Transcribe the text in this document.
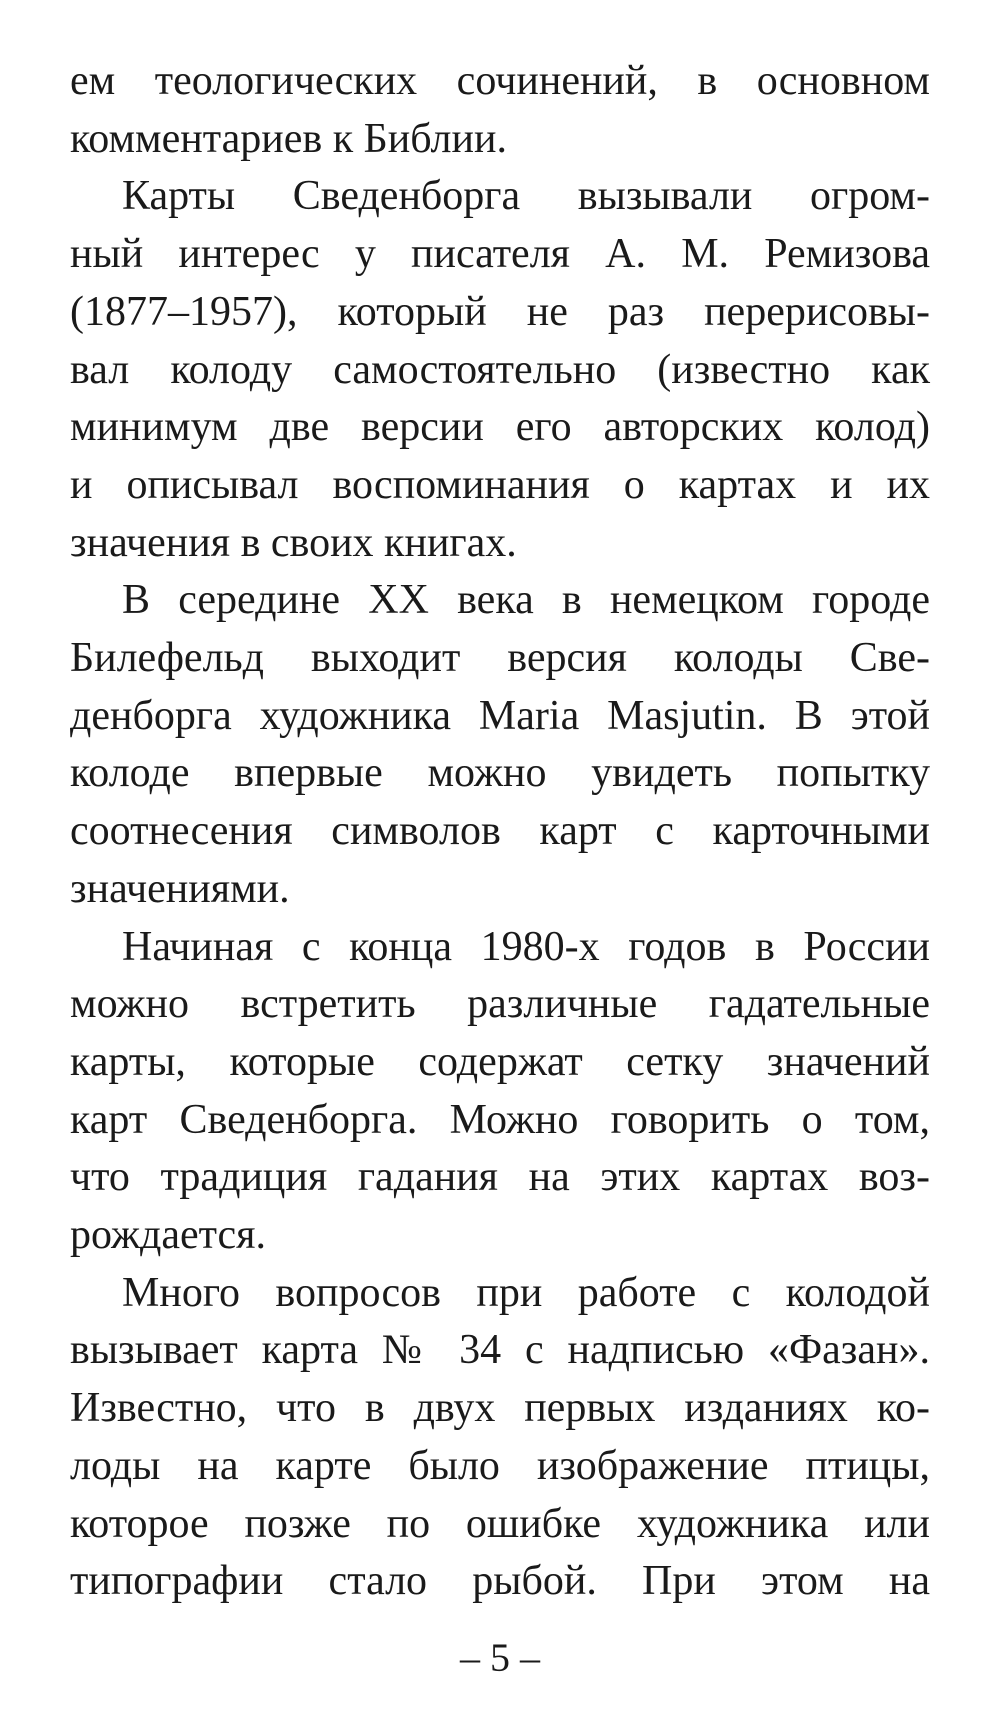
ем теологических сочинений, в основном
комментариев к Библии.
Карты Сведенборга вызывали огром-
ный интерес у писателя А. М. Ремизова
(1877–1957), который не раз перерисовы-
вал колоду самостоятельно (известно как
минимум две версии его авторских колод)
и описывал воспоминания о картах и их
значения в своих книгах.
В середине XX века в немецком городе
Билефельд выходит версия колоды Све-
денборга художника Maria Masjutin. В этой
колоде впервые можно увидеть попытку
соотнесения символов карт с карточными
значениями.
Начиная с конца 1980-х годов в России
можно встретить различные гадательные
карты, которые содержат сетку значений
карт Сведенборга. Можно говорить о том,
что традиция гадания на этих картах воз-
рождается.
Много вопросов при работе с колодой
вызывает карта № 34 с надписью «Фазан».
Известно, что в двух первых изданиях ко-
лоды на карте было изображение птицы,
которое позже по ошибке художника или
типографии стало рыбой. При этом на
– 5 –
